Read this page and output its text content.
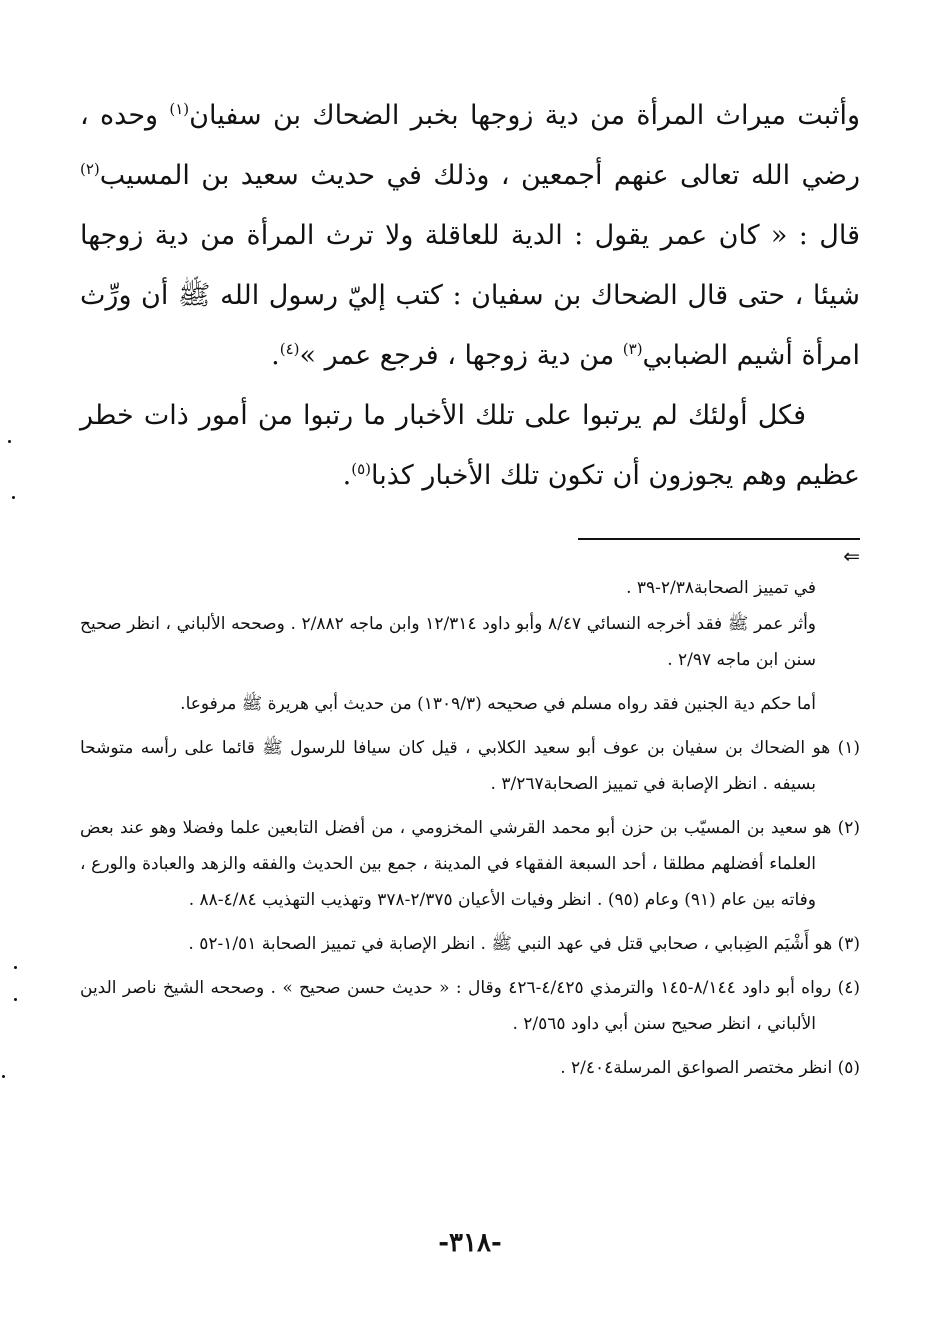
وأثبت ميراث المرأة من دية زوجها بخبر الضحاك بن سفيان$^{(١)}$ وحده ، رضي الله تعالى عنهم أجمعين ، وذلك في حديث سعيد بن المسيب$^{(٢)}$ قال : « كان عمر يقول : الدية للعاقلة ولا ترث المرأة من دية زوجها شيئا ، حتى قال الضحاك بن سفيان : كتب إليّ رسول الله ﷺ أن ورِّث امرأة أشيم الضبابي$^{(٣)}$ من دية زوجها ، فرجع عمر »$^{(٤)}$.

فكل أولئك لم يرتبوا على تلك الأخبار ما رتبوا من أمور ذات خطر عظيم وهم يجوزون أن تكون تلك الأخبار كذبا$^{(٥)}$.

⇐

في تمييز الصحابة٢/٣٨-٣٩ .

وأثر عمر ﷺ فقد أخرجه النسائي ٨/٤٧ وأبو داود ١٢/٣١٤ وابن ماجه ٢/٨٨٢ . وصححه الألباني ، انظر صحيح سنن ابن ماجه ٢/٩٧ .

أما حكم دية الجنين فقد رواه مسلم في صحيحه (١٣٠٩/٣) من حديث أبي هريرة ﷺ مرفوعا.

(١) هو الضحاك بن سفيان بن عوف أبو سعيد الكلابي ، قيل كان سيافا للرسول ﷺ قائما على رأسه متوشحا بسيفه . انظر الإصابة في تمييز الصحابة٣/٢٦٧ .

(٢) هو سعيد بن المسيّب بن حزن أبو محمد القرشي المخزومي ، من أفضل التابعين علما وفضلا وهو عند بعض العلماء أفضلهم مطلقا ، أحد السبعة الفقهاء في المدينة ، جمع بين الحديث والفقه والزهد والعبادة والورع ، وفاته بين عام (٩١) وعام (٩٥) . انظر وفيات الأعيان ٢/٣٧٥-٣٧٨ وتهذيب التهذيب ٤/٨٤-٨٨ .

(٣) هو أَشْيَم الضِبابي ، صحابي قتل في عهد النبي ﷺ . انظر الإصابة في تمييز الصحابة ١/٥١-٥٢ .

(٤) رواه أبو داود ٨/١٤٤-١٤٥ والترمذي ٤/٤٢٥-٤٢٦ وقال : « حديث حسن صحيح » . وصححه الشيخ ناصر الدين الألباني ، انظر صحيح سنن أبي داود ٢/٥٦٥ .

(٥) انظر مختصر الصواعق المرسلة٢/٤٠٤ .

-٣١٨-
